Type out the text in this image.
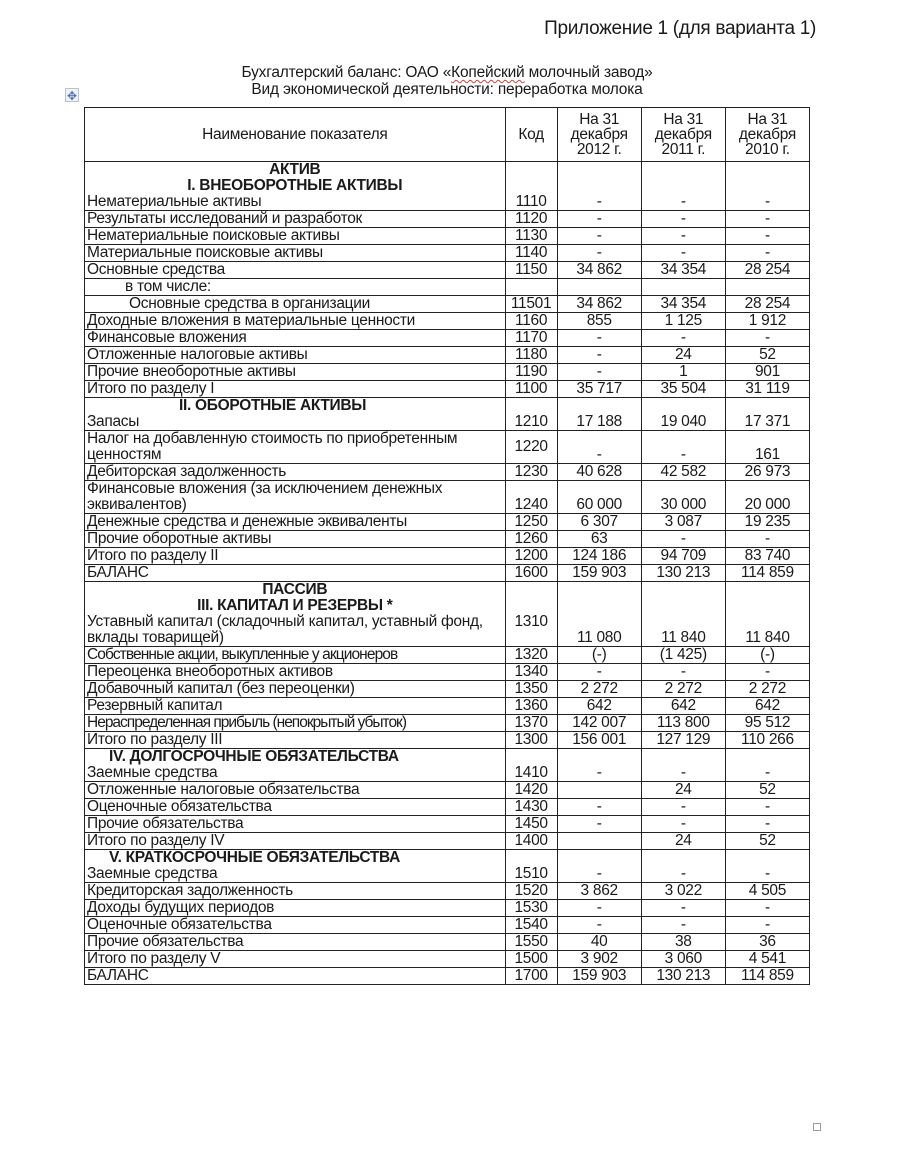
Приложение 1 (для варианта 1)
Бухгалтерский баланс: ОАО «Копейский молочный завод»
Вид экономической деятельности: переработка молока
✥
Наименование показателя	Код	На 31 декабря 2012 г.	На 31 декабря 2011 г.	На 31 декабря 2010 г.

АКТИВ
I. ВНЕОБОРОТНЫЕ АКТИВЫ
Нематериальные активы	1110	-	-	-
Результаты исследований и разработок	1120	-	-	-
Нематериальные поисковые активы	1130	-	-	-
Материальные поисковые активы	1140	-	-	-
Основные средства	1150	34 862	34 354	28 254
в том числе:				
Основные средства в организации	11501	34 862	34 354	28 254
Доходные вложения в материальные ценности	1160	855	1 125	1 912
Финансовые вложения	1170	-	-	-
Отложенные налоговые активы	1180	-	24	52
Прочие внеоборотные активы	1190	-	1	901
Итого по разделу I	1100	35 717	35 504	31 119

II. ОБОРОТНЫЕ АКТИВЫ
Запасы	1210	17 188	19 040	17 371
Налог на добавленную стоимость по приобретенным ценностям	1220	-	-	161
Дебиторская задолженность	1230	40 628	42 582	26 973
Финансовые вложения (за исключением денежных эквивалентов)	1240	60 000	30 000	20 000
Денежные средства и денежные эквиваленты	1250	6 307	3 087	19 235
Прочие оборотные активы	1260	63	-	-
Итого по разделу II	1200	124 186	94 709	83 740
БАЛАНС	1600	159 903	130 213	114 859

ПАССИВ
III. КАПИТАЛ И РЕЗЕРВЫ *
Уставный капитал (складочный капитал, уставный фонд, вклады товарищей)	1310	11 080	11 840	11 840
Собственные акции, выкупленные у акционеров	1320	(-)	(1 425)	(-)
Переоценка внеоборотных активов	1340	-	-	-
Добавочный капитал (без переоценки)	1350	2 272	2 272	2 272
Резервный капитал	1360	642	642	642
Нераспределенная прибыль (непокрытый убыток)	1370	142 007	113 800	95 512
Итого по разделу III	1300	156 001	127 129	110 266

IV. ДОЛГОСРОЧНЫЕ ОБЯЗАТЕЛЬСТВА
Заемные средства	1410	-	-	-
Отложенные налоговые обязательства	1420		24	52
Оценочные обязательства	1430	-	-	-
Прочие обязательства	1450	-	-	-
Итого по разделу IV	1400		24	52

V. КРАТКОСРОЧНЫЕ ОБЯЗАТЕЛЬСТВА
Заемные средства	1510	-	-	-
Кредиторская задолженность	1520	3 862	3 022	4 505
Доходы будущих периодов	1530	-	-	-
Оценочные обязательства	1540	-	-	-
Прочие обязательства	1550	40	38	36
Итого по разделу V	1500	3 902	3 060	4 541
БАЛАНС	1700	159 903	130 213	114 859
